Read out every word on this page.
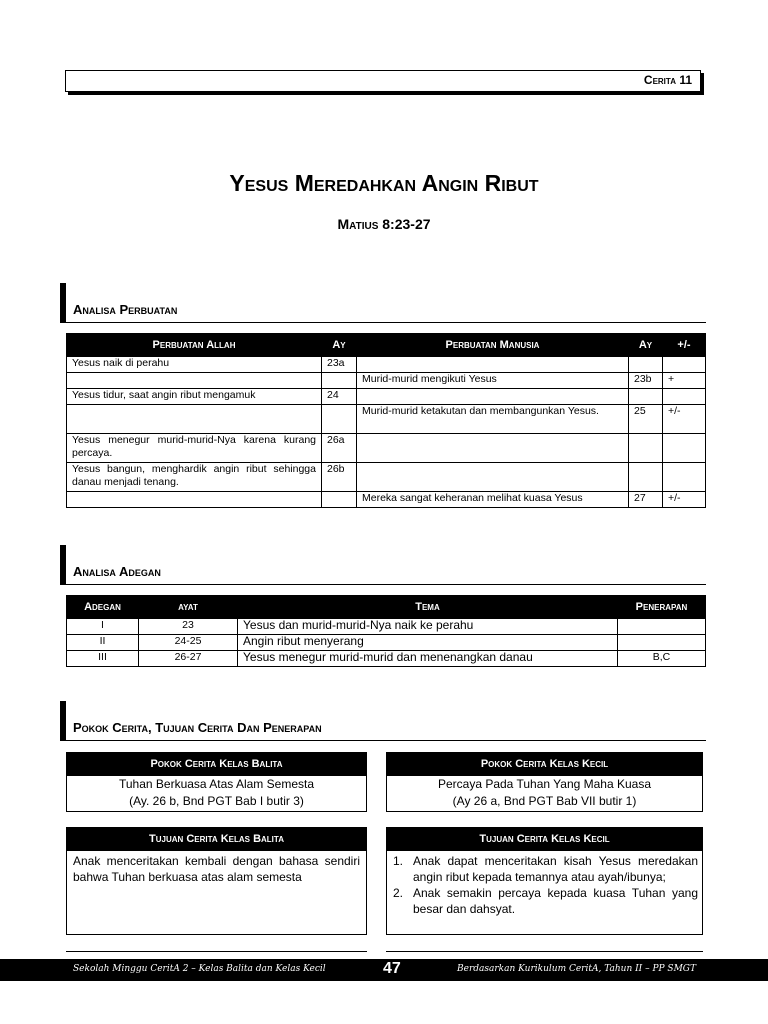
Cerita 11
Yesus Meredahkan Angin Ribut
Matius 8:23-27
Analisa Perbuatan
Perbuatan Allah	Ay	Perbuatan Manusia	Ay	+/-
Yesus naik di perahu	23a			
		Murid-murid mengikuti Yesus	23b	+
Yesus tidur, saat angin ribut mengamuk	24			
		Murid-murid ketakutan dan membangunkan Yesus.	25	+/-
Yesus menegur murid-murid-Nya karena kurang percaya.	26a			
Yesus bangun, menghardik angin ribut sehingga danau menjadi tenang.	26b			
		Mereka sangat keheranan melihat kuasa Yesus	27	+/-
Analisa Adegan
Adegan	ayat	Tema	Penerapan
I	23	Yesus dan murid-murid-Nya naik ke perahu	
II	24-25	Angin ribut menyerang	
III	26-27	Yesus menegur murid-murid dan menenangkan danau	B,C
Pokok Cerita, Tujuan Cerita Dan Penerapan
Pokok Cerita Kelas Balita
Tuhan Berkuasa Atas Alam Semesta
(Ay. 26 b, Bnd PGT Bab I butir 3)
Pokok Cerita Kelas Kecil
Percaya Pada Tuhan Yang Maha Kuasa
(Ay 26 a, Bnd PGT Bab VII butir 1)
Tujuan Cerita Kelas Balita
Anak menceritakan kembali dengan bahasa sendiri bahwa Tuhan berkuasa atas alam semesta
Tujuan Cerita Kelas Kecil
1. Anak dapat menceritakan kisah Yesus meredakan angin ribut kepada temannya atau ayah/ibunya;
2. Anak semakin percaya kepada kuasa Tuhan yang besar dan dahsyat.
Sekolah Minggu CeritA 2 – Kelas Balita dan Kelas Kecil	47	Berdasarkan Kurikulum CeritA, Tahun II – PP SMGT
